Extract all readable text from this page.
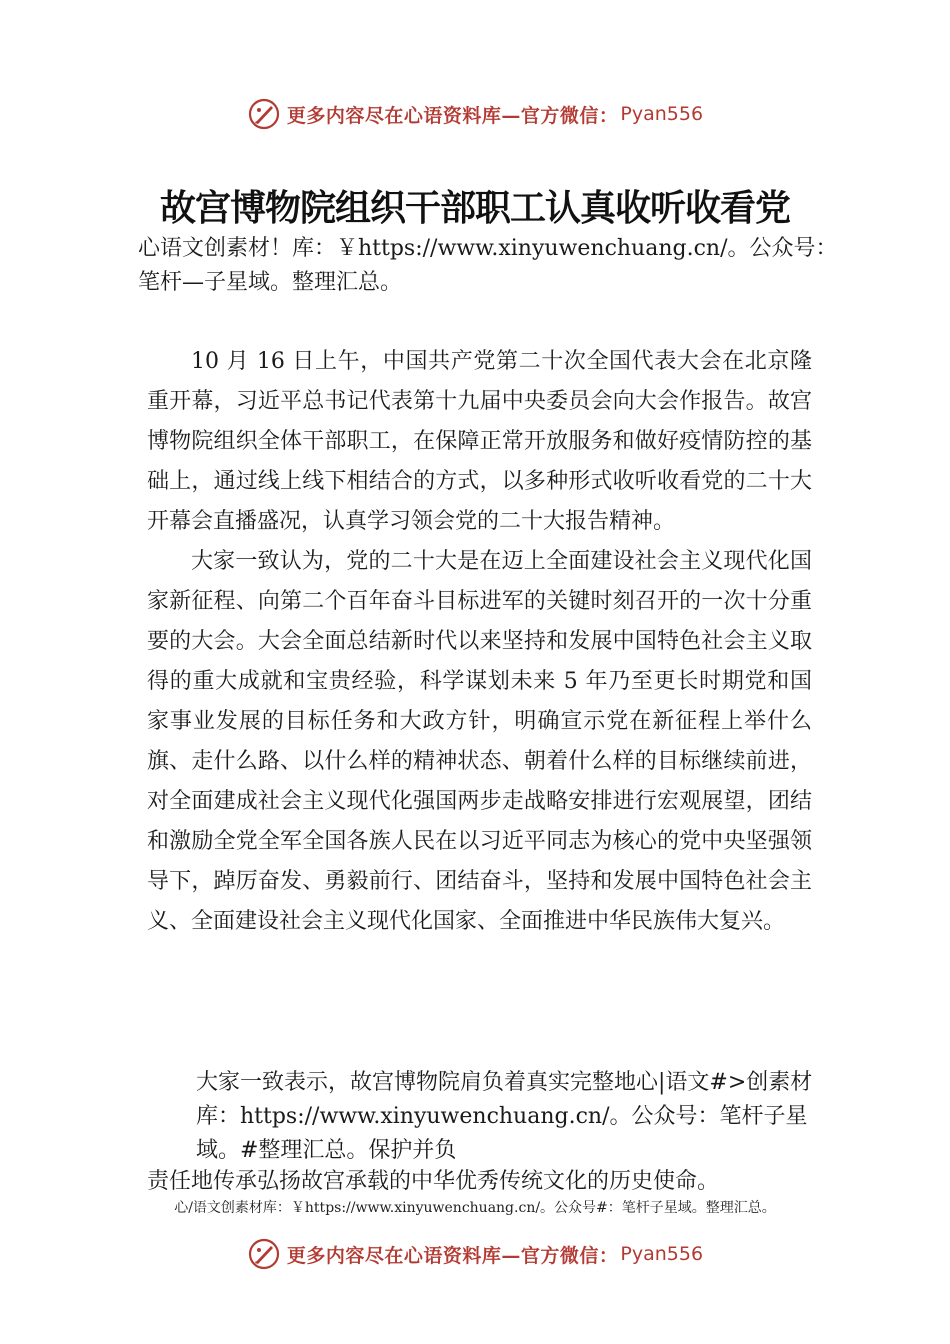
更多内容尽在心语资料库—官方微信： Pyan556
故宫博物院组织干部职工认真收听收看党

心语文创素材！库：￥https://www.xinyuwenchuang.cn/。公众号：笔杆—子星域。整理汇总。

10 月 16 日上午，中国共产党第二十次全国代表大会在北京隆重开幕，习近平总书记代表第十九届中央委员会向大会作报告。故宫博物院组织全体干部职工，在保障正常开放服务和做好疫情防控的基础上，通过线上线下相结合的方式，以多种形式收听收看党的二十大开幕会直播盛况，认真学习领会党的二十大报告精神。

大家一致认为，党的二十大是在迈上全面建设社会主义现代化国家新征程、向第二个百年奋斗目标进军的关键时刻召开的一次十分重要的大会。大会全面总结新时代以来坚持和发展中国特色社会主义取得的重大成就和宝贵经验，科学谋划未来 5 年乃至更长时期党和国家事业发展的目标任务和大政方针，明确宣示党在新征程上举什么旗、走什么路、以什么样的精神状态、朝着什么样的目标继续前进，对全面建成社会主义现代化强国两步走战略安排进行宏观展望，团结和激励全党全军全国各族人民在以习近平同志为核心的党中央坚强领导下，踔厉奋发、勇毅前行、团结奋斗，坚持和发展中国特色社会主义、全面建设社会主义现代化国家、全面推进中华民族伟大复兴。

大家一致表示，故宫博物院肩负着真实完整地心|语文#>创素材库：https://www.xinyuwenchuang.cn/。公众号：笔杆子星域。#整理汇总。保护并负

责任地传承弘扬故宫承载的中华优秀传统文化的历史使命。

心/语文创素材库：￥https://www.xinyuwenchuang.cn/。公众号#：笔杆子星域。整理汇总。

更多内容尽在心语资料库—官方微信： Pyan556
